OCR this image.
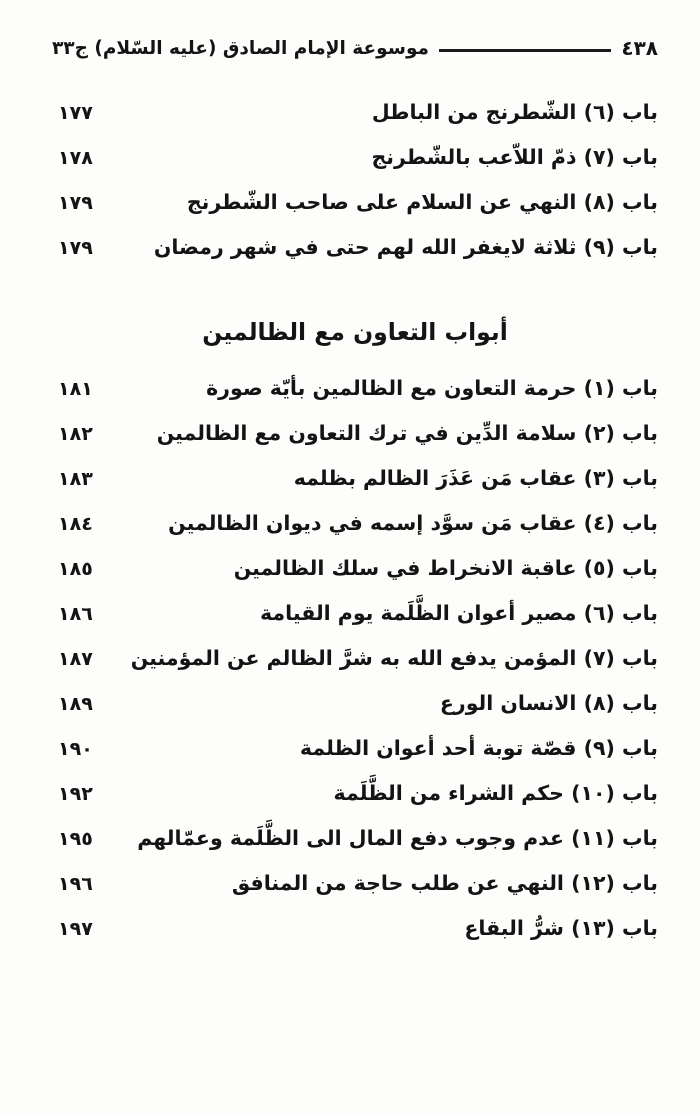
٤٣٨
موسوعة الإمام الصادق (عليه السّلام) ج٣٣
باب (٦) الشّطرنج من الباطل
١٧٧
باب (٧) ذمّ اللاّعب بالشّطرنج
١٧٨
باب (٨) النهي عن السلام على صاحب الشّطرنج
١٧٩
باب (٩) ثلاثة لايغفر الله لهم حتى في شهر رمضان
١٧٩
أبواب التعاون مع الظالمين
باب (١) حرمة التعاون مع الظالمين بأيّة صورة
١٨١
باب (٢) سلامة الدِّين في ترك التعاون مع الظالمين
١٨٢
باب (٣) عقاب مَن عَذَرَ الظالم بظلمه
١٨٣
باب (٤) عقاب مَن سوَّد إسمه في ديوان الظالمين
١٨٤
باب (٥) عاقبة الانخراط في سلك الظالمين
١٨٥
باب (٦) مصير أعوان الظَّلَمة يوم القيامة
١٨٦
باب (٧) المؤمن يدفع الله به شرَّ الظالم عن المؤمنين
١٨٧
باب (٨) الانسان الورع
١٨٩
باب (٩) قصّة توبة أحد أعوان الظلمة
١٩٠
باب (١٠) حكم الشراء من الظَّلَمة
١٩٢
باب (١١) عدم وجوب دفع المال الى الظَّلَمة وعمّالهم
١٩٥
باب (١٢) النهي عن طلب حاجة من المنافق
١٩٦
باب (١٣) شرُّ البقاع
١٩٧
